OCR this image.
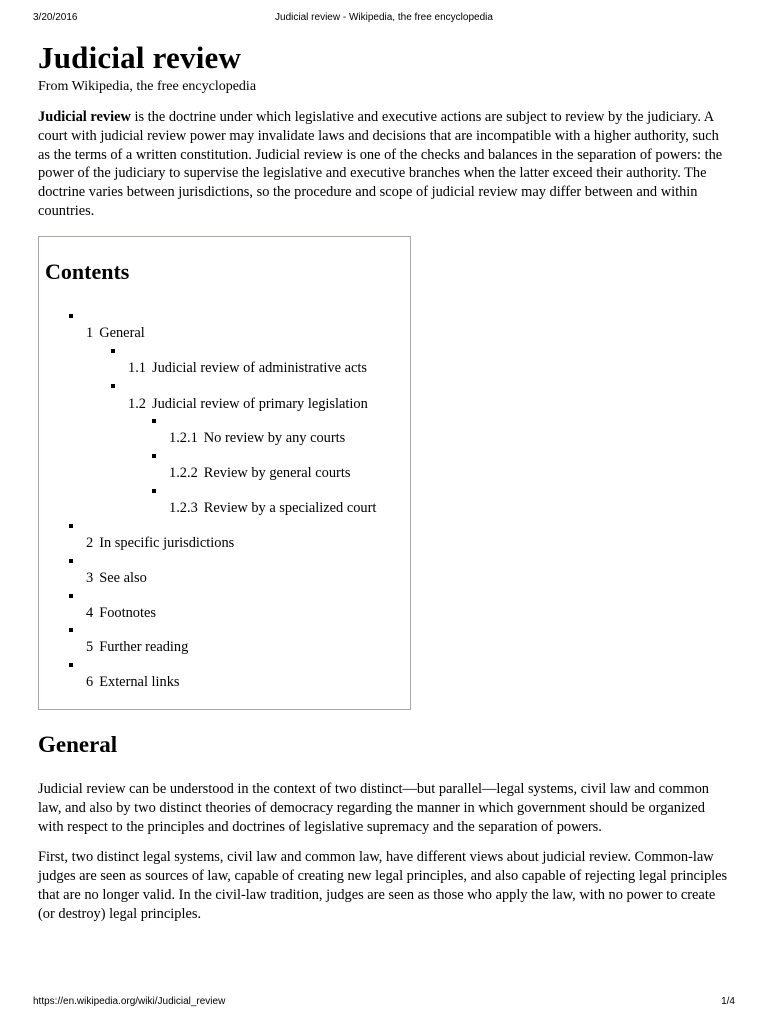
3/20/2016	Judicial review - Wikipedia, the free encyclopedia
Judicial review
From Wikipedia, the free encyclopedia

Judicial review is the doctrine under which legislative and executive actions are subject to review by the judiciary. A court with judicial review power may invalidate laws and decisions that are incompatible with a higher authority, such as the terms of a written constitution. Judicial review is one of the checks and balances in the separation of powers: the power of the judiciary to supervise the legislative and executive branches when the latter exceed their authority. The doctrine varies between jurisdictions, so the procedure and scope of judicial review may differ between and within countries.

Contents
1 General
1.1 Judicial review of administrative acts
1.2 Judicial review of primary legislation
1.2.1 No review by any courts
1.2.2 Review by general courts
1.2.3 Review by a specialized court
2 In specific jurisdictions
3 See also
4 Footnotes
5 Further reading
6 External links
General

Judicial review can be understood in the context of two distinct—but parallel—legal systems, civil law and common law, and also by two distinct theories of democracy regarding the manner in which government should be organized with respect to the principles and doctrines of legislative supremacy and the separation of powers.

First, two distinct legal systems, civil law and common law, have different views about judicial review. Common-law judges are seen as sources of law, capable of creating new legal principles, and also capable of rejecting legal principles that are no longer valid. In the civil-law tradition, judges are seen as those who apply the law, with no power to create (or destroy) legal principles.

https://en.wikipedia.org/wiki/Judicial_review	1/4
